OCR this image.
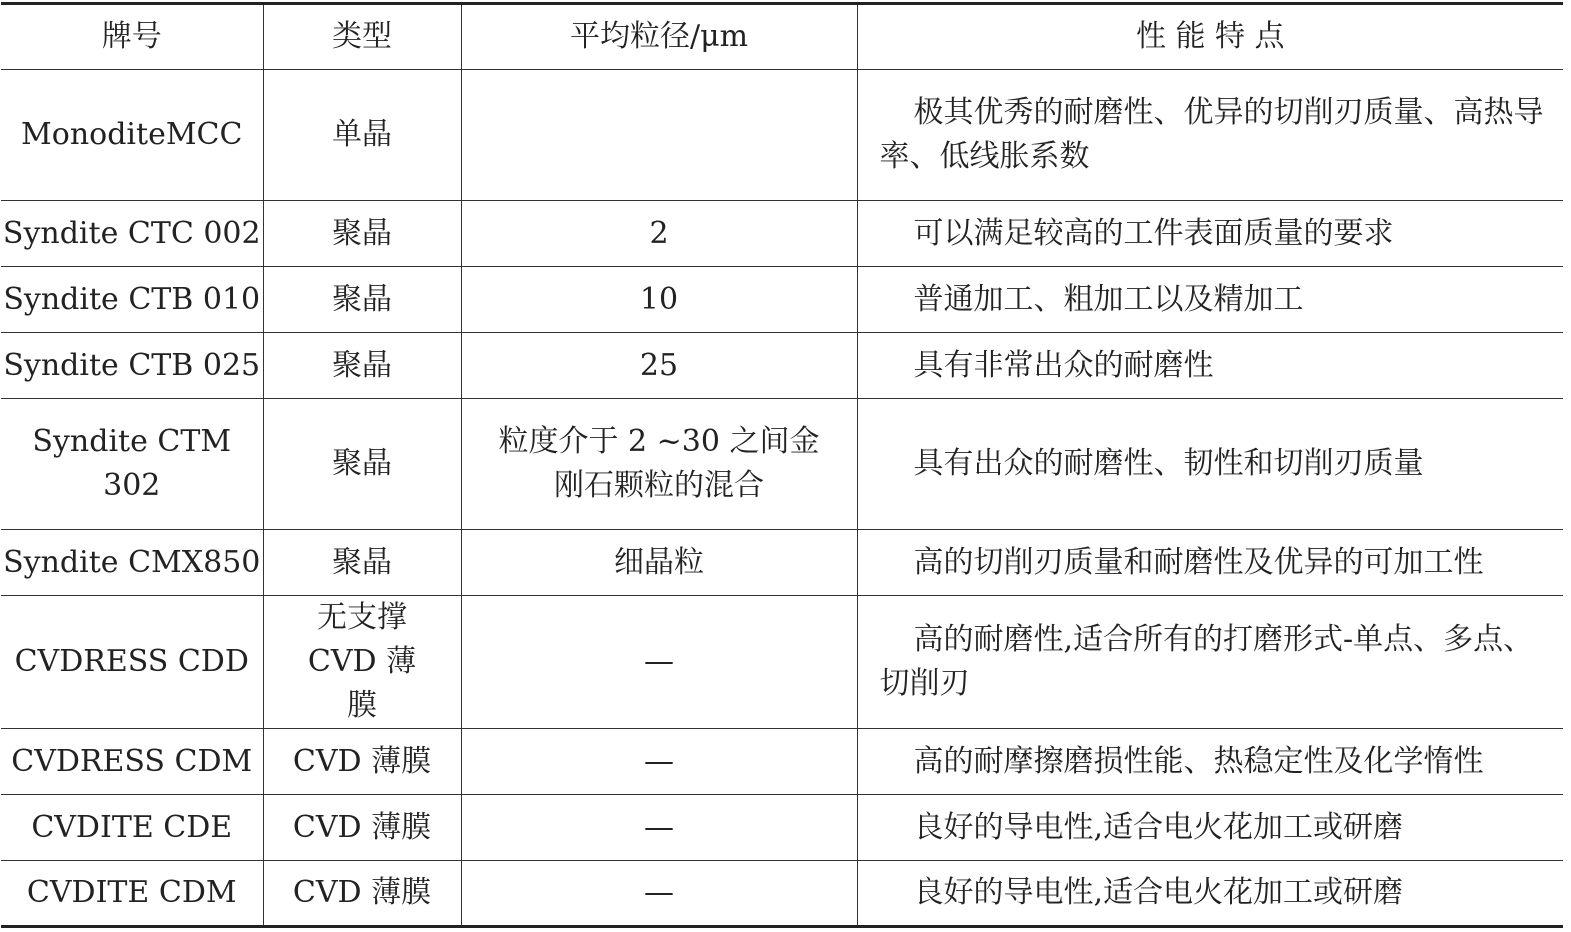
牌号	类型	平均粒径/μm	性 能 特 点
MonoditeMCC	单晶		极其优秀的耐磨性、优异的切削刃质量、高热导率、低线胀系数
Syndite CTC 002	聚晶	2	可以满足较高的工件表面质量的要求
Syndite CTB 010	聚晶	10	普通加工、粗加工以及精加工
Syndite CTB 025	聚晶	25	具有非常出众的耐磨性
Syndite CTM 302	聚晶	粒度介于 2 ~30 之间金刚石颗粒的混合	具有出众的耐磨性、韧性和切削刃质量
Syndite CMX850	聚晶	细晶粒	高的切削刃质量和耐磨性及优异的可加工性
CVDRESS CDD	无支撑 CVD 薄膜	—	高的耐磨性,适合所有的打磨形式-单点、多点、切削刃
CVDRESS CDM	CVD 薄膜	—	高的耐摩擦磨损性能、热稳定性及化学惰性
CVDITE CDE	CVD 薄膜	—	良好的导电性,适合电火花加工或研磨
CVDITE CDM	CVD 薄膜	—	良好的导电性,适合电火花加工或研磨
